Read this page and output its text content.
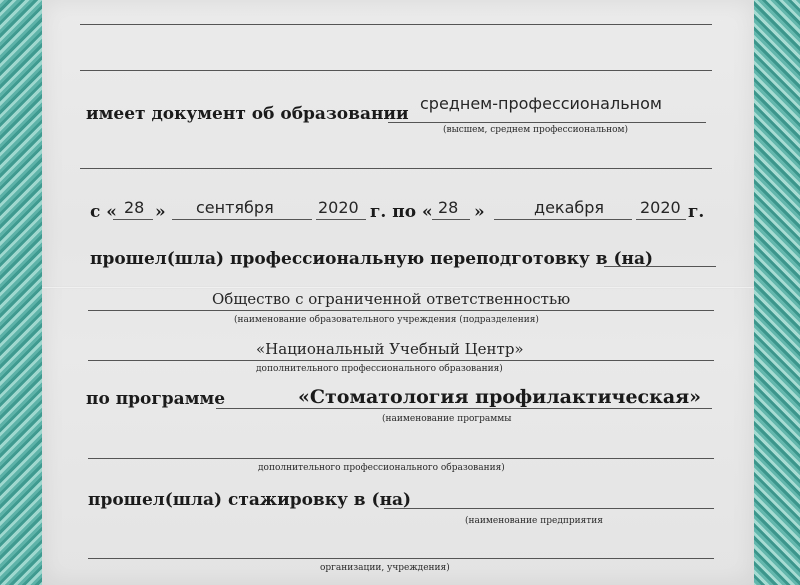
имеет документ об образовании
среднем-профессиональном
(высшем, среднем профессиональном)
с « 28 » сентября	2020 г. по « 28 »	декабря 2020 г.
прошел(шла) профессиональную переподготовку в (на)
Общество с ограниченной ответственностью
(наименование образовательного учреждения (подразделения)
«Национальный Учебный Центр»
дополнительного профессионального образования)
по программе	«Стоматология профилактическая»
(наименование программы
дополнительного профессионального образования)
прошел(шла) стажировку в (на)
(наименование предприятия
организации, учреждения)
